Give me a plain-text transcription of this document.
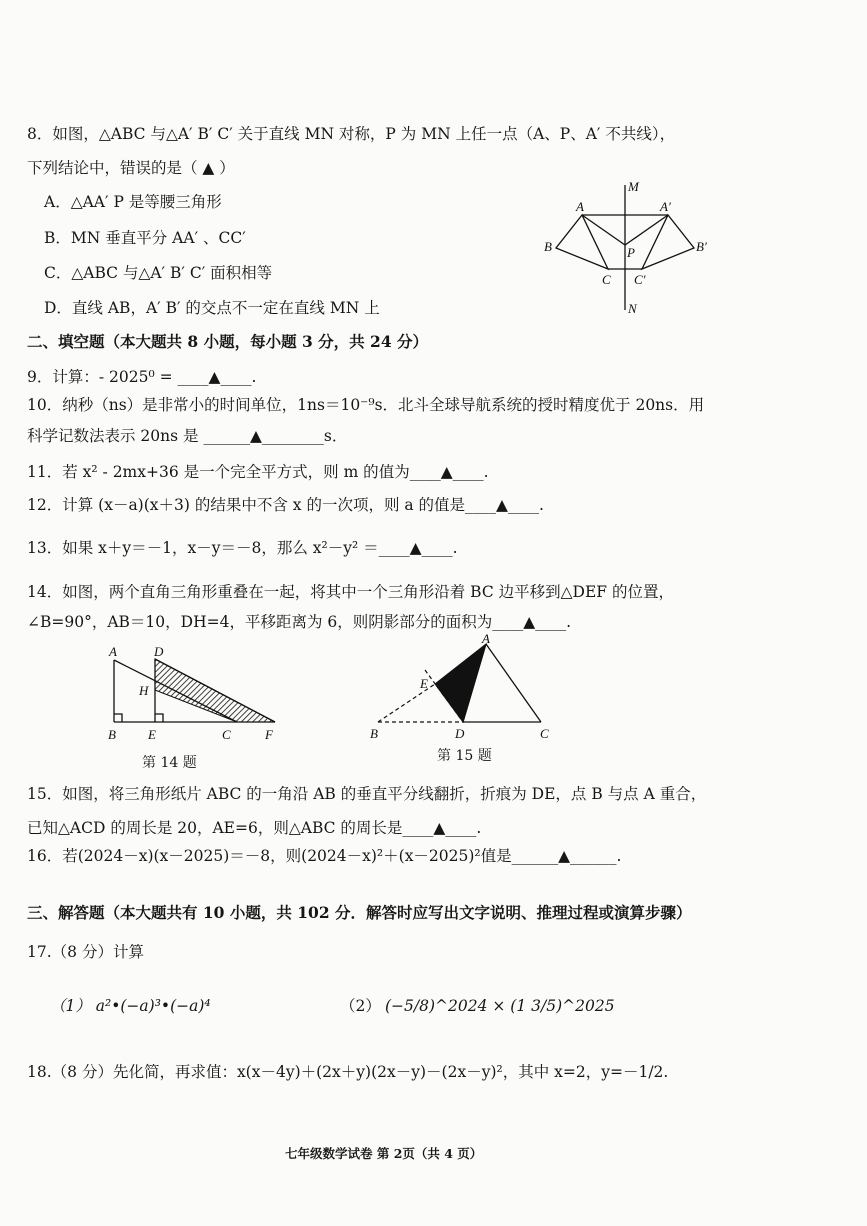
8．如图，△ABC 与△A′ B′ C′ 关于直线 MN 对称，P 为 MN 上任一点（A、P、A′ 不共线），
下列结论中，错误的是（ ▲ ）
A．△AA′ P 是等腰三角形
B．MN 垂直平分 AA′ 、CC′
C．△ABC 与△A′ B′ C′ 面积相等
D．直线 AB，A′ B′ 的交点不一定在直线 MN 上
M
N
A	A′
B	B′
C C′
P
二、填空题（本大题共 8 小题，每小题 3 分，共 24 分）
9．计算：- 2025⁰ = ____▲____.
10．纳秒（ns）是非常小的时间单位，1ns＝10⁻⁹s．北斗全球导航系统的授时精度优于 20ns．用
科学记数法表示 20ns 是 ______▲________s．
11．若 x² - 2mx+36 是一个完全平方式，则 m 的值为____▲____.
12．计算 (x－a)(x＋3) 的结果中不含 x 的一次项，则 a 的值是____▲____.
13．如果 x＋y＝－1，x－y＝－8，那么 x²－y² ＝____▲____.
14．如图，两个直角三角形重叠在一起，将其中一个三角形沿着 BC 边平移到△DEF 的位置，
∠B=90°，AB＝10，DH=4，平移距离为 6，则阴影部分的面积为____▲____.
A	D
H
B E	C	F
第 14 题
A
E
B	D	C
第 15 题
15．如图，将三角形纸片 ABC 的一角沿 AB 的垂直平分线翻折，折痕为 DE，点 B 与点 A 重合，
已知△ACD 的周长是 20，AE=6，则△ABC 的周长是____▲____.
16．若(2024－x)(x－2025)＝－8，则(2024－x)²＋(x－2025)²值是______▲______.
三、解答题（本大题共有 10 小题，共 102 分．解答时应写出文字说明、推理过程或演算步骤）
17.（8 分）计算
（1） a²•(−a)³•(−a)⁴	（2） (−5/8)^2024 × (1 3/5)^2025
18.（8 分）先化简，再求值：x(x－4y)＋(2x＋y)(2x－y)－(2x－y)²，其中 x=2，y=－1/2.
七年级数学试卷 第 2页（共 4 页）
